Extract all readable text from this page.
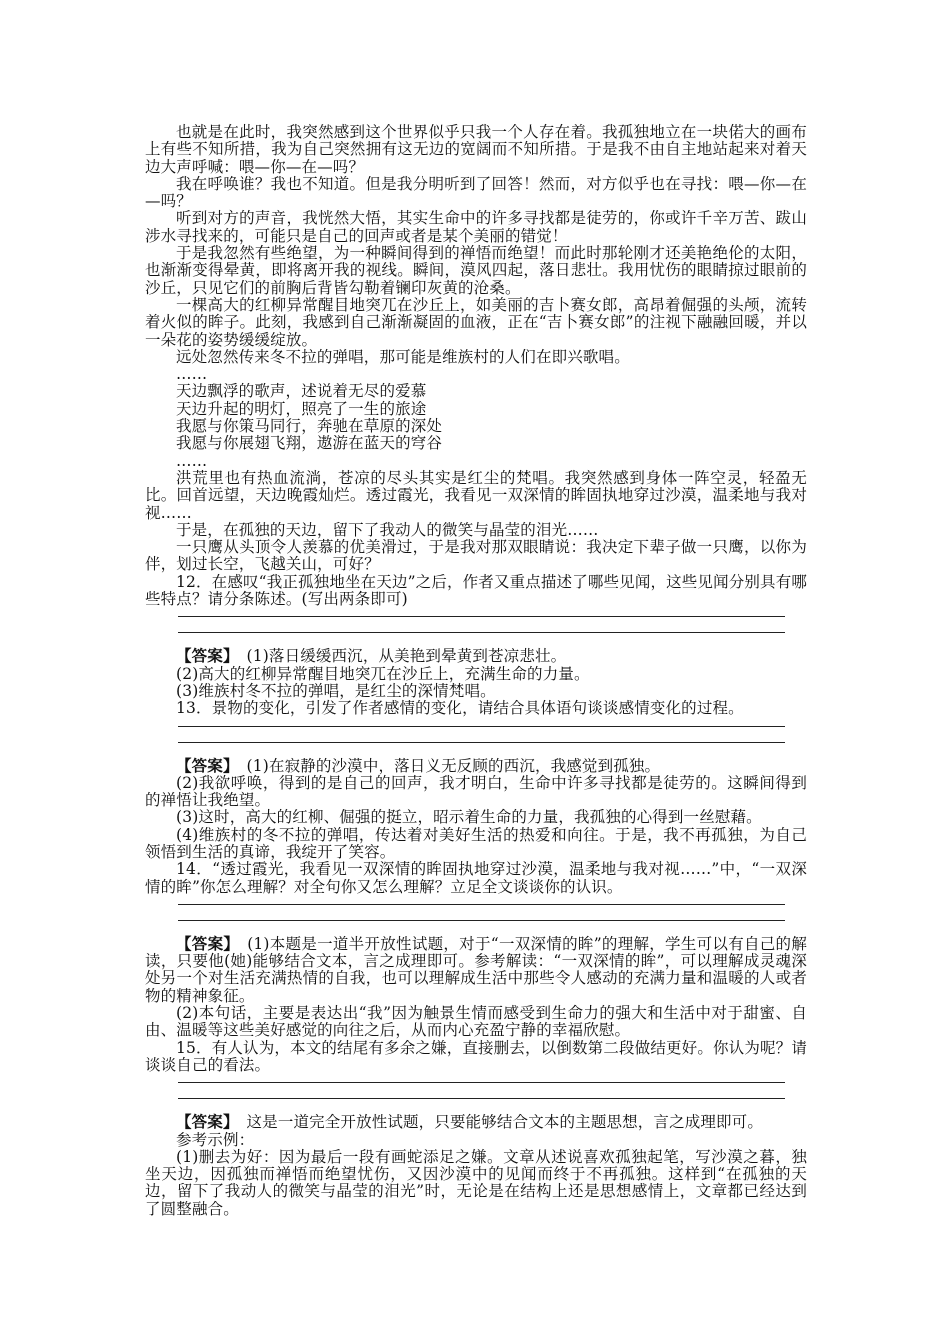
也就是在此时，我突然感到这个世界似乎只我一个人存在着。我孤独地立在一块偌大的画布上有些不知所措，我为自己突然拥有这无边的宽阔而不知所措。于是我不由自主地站起来对着天边大声呼喊：喂—你—在—吗？

我在呼唤谁？我也不知道。但是我分明听到了回答！然而，对方似乎也在寻找：喂—你—在—吗？

听到对方的声音，我恍然大悟，其实生命中的许多寻找都是徒劳的，你或许千辛万苦、跋山涉水寻找来的，可能只是自己的回声或者是某个美丽的错觉！

于是我忽然有些绝望，为一种瞬间得到的禅悟而绝望！而此时那轮刚才还美艳绝伦的太阳，也渐渐变得晕黄，即将离开我的视线。瞬间，漠风四起，落日悲壮。我用忧伤的眼睛掠过眼前的沙丘，只见它们的前胸后背皆勾勒着镧印灰黄的沧桑。

一棵高大的红柳异常醒目地突兀在沙丘上，如美丽的吉卜赛女郎，高昂着倔强的头颅，流转着火似的眸子。此刻，我感到自己渐渐凝固的血液，正在“吉卜赛女郎”的注视下融融回暖，并以一朵花的姿势缓缓绽放。

远处忽然传来冬不拉的弹唱，那可能是维族村的人们在即兴歌唱。

……

天边飘浮的歌声，述说着无尽的爱慕

天边升起的明灯，照亮了一生的旅途

我愿与你策马同行，奔驰在草原的深处

我愿与你展翅飞翔，遨游在蓝天的穹谷

……

洪荒里也有热血流淌，苍凉的尽头其实是红尘的梵唱。我突然感到身体一阵空灵，轻盈无比。回首远望，天边晚霞灿烂。透过霞光，我看见一双深情的眸固执地穿过沙漠，温柔地与我对视……

于是，在孤独的天边，留下了我动人的微笑与晶莹的泪光……

一只鹰从头顶令人羡慕的优美滑过，于是我对那双眼睛说：我决定下辈子做一只鹰，以你为伴，划过长空，飞越关山，可好？

12．在感叹“我正孤独地坐在天边”之后，作者又重点描述了哪些见闻，这些见闻分别具有哪些特点？请分条陈述。(写出两条即可)

【答案】　 (1)落日缓缓西沉，从美艳到晕黄到苍凉悲壮。

(2)高大的红柳异常醒目地突兀在沙丘上，充满生命的力量。

(3)维族村冬不拉的弹唱，是红尘的深情梵唱。

13．景物的变化，引发了作者感情的变化，请结合具体语句谈谈感情变化的过程。

【答案】　 (1)在寂静的沙漠中，落日义无反顾的西沉，我感觉到孤独。

(2)我欲呼唤，得到的是自己的回声，我才明白，生命中许多寻找都是徒劳的。这瞬间得到的禅悟让我绝望。

(3)这时，高大的红柳、倔强的挺立，昭示着生命的力量，我孤独的心得到一丝慰藉。

(4)维族村的冬不拉的弹唱，传达着对美好生活的热爱和向往。于是，我不再孤独，为自己领悟到生活的真谛，我绽开了笑容。

14．“透过霞光，我看见一双深情的眸固执地穿过沙漠，温柔地与我对视……”中，“一双深情的眸”你怎么理解？对全句你又怎么理解？立足全文谈谈你的认识。

【答案】　 (1)本题是一道半开放性试题，对于“一双深情的眸”的理解，学生可以有自己的解读，只要他(她)能够结合文本，言之成理即可。参考解读：“一双深情的眸”，可以理解成灵魂深处另一个对生活充满热情的自我，也可以理解成生活中那些令人感动的充满力量和温暖的人或者物的精神象征。

(2)本句话，主要是表达出“我”因为触景生情而感受到生命力的强大和生活中对于甜蜜、自由、温暖等这些美好感觉的向往之后，从而内心充盈宁静的幸福欣慰。

15．有人认为，本文的结尾有多余之嫌，直接删去，以倒数第二段做结更好。你认为呢？请谈谈自己的看法。

【答案】　 这是一道完全开放性试题，只要能够结合文本的主题思想，言之成理即可。

参考示例：

(1)删去为好：因为最后一段有画蛇添足之嫌。文章从述说喜欢孤独起笔，写沙漠之暮，独坐天边，因孤独而禅悟而绝望忧伤，又因沙漠中的见闻而终于不再孤独。这样到“在孤独的天边，留下了我动人的微笑与晶莹的泪光”时，无论是在结构上还是思想感情上，文章都已经达到了圆整融合。
